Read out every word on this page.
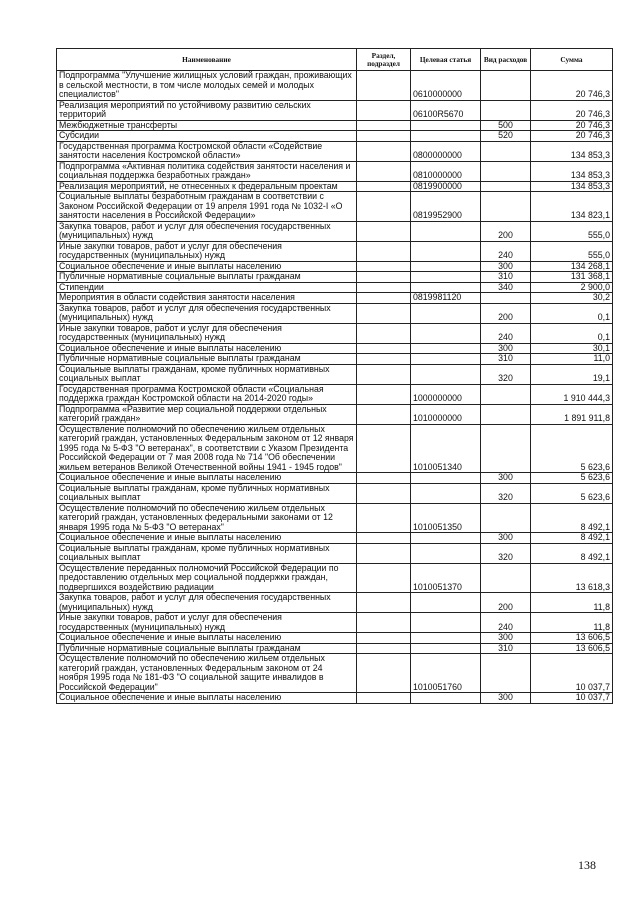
Наименование	Раздел, подраздел	Целевая статья	Вид расходов	Сумма
Подпрограмма "Улучшение жилищных условий граждан, проживающих в сельской местности, в том числе молодых семей и молодых специалистов"		0610000000		20 746,3
Реализация мероприятий по устойчивому развитию сельских территорий		06100R5670		20 746,3
Межбюджетные трансферты			500	20 746,3
Субсидии			520	20 746,3
Государственная программа Костромской области «Содействие занятости населения Костромской области»		0800000000		134 853,3
Подпрограмма «Активная политика содействия занятости населения и социальная поддержка безработных граждан»		0810000000		134 853,3
Реализация мероприятий, не отнесенных к федеральным проектам		0819900000		134 853,3
Социальные выплаты безработным гражданам в соответствии с Законом Российской Федерации от 19 апреля 1991 года № 1032-I «О занятости населения в Российской Федерации»		0819952900		134 823,1
Закупка товаров, работ и услуг для обеспечения государственных (муниципальных) нужд			200	555,0
Иные закупки товаров, работ и услуг для обеспечения государственных (муниципальных) нужд			240	555,0
Социальное обеспечение и иные выплаты населению			300	134 268,1
Публичные нормативные социальные выплаты гражданам			310	131 368,1
Стипендии			340	2 900,0
Мероприятия в области содействия занятости населения		0819981120		30,2
Закупка товаров, работ и услуг для обеспечения государственных (муниципальных) нужд			200	0,1
Иные закупки товаров, работ и услуг для обеспечения государственных (муниципальных) нужд			240	0,1
Социальное обеспечение и иные выплаты населению			300	30,1
Публичные нормативные социальные выплаты гражданам			310	11,0
Социальные выплаты гражданам, кроме публичных нормативных социальных выплат			320	19,1
Государственная программа Костромской области «Социальная поддержка граждан Костромской области на 2014-2020 годы»		1000000000		1 910 444,3
Подпрограмма «Развитие мер социальной поддержки отдельных категорий граждан»		1010000000		1 891 911,8
Осуществление полномочий по обеспечению жильем отдельных категорий граждан, установленных Федеральным законом от 12 января 1995 года № 5-ФЗ "О ветеранах", в соответствии с Указом Президента Российской Федерации от 7 мая 2008 года № 714 "Об обеспечении жильем ветеранов Великой Отечественной войны 1941 - 1945 годов"		1010051340		5 623,6
Социальное обеспечение и иные выплаты населению			300	5 623,6
Социальные выплаты гражданам, кроме публичных нормативных социальных выплат			320	5 623,6
Осуществление полномочий по обеспечению жильем отдельных категорий граждан, установленных федеральными законами от 12 января 1995 года № 5-ФЗ "О ветеранах"		1010051350		8 492,1
Социальное обеспечение и иные выплаты населению			300	8 492,1
Социальные выплаты гражданам, кроме публичных нормативных социальных выплат			320	8 492,1
Осуществление переданных полномочий Российской Федерации по предоставлению отдельных мер социальной поддержки граждан, подвергшихся воздействию радиации		1010051370		13 618,3
Закупка товаров, работ и услуг для обеспечения государственных (муниципальных) нужд			200	11,8
Иные закупки товаров, работ и услуг для обеспечения государственных (муниципальных) нужд			240	11,8
Социальное обеспечение и иные выплаты населению			300	13 606,5
Публичные нормативные социальные выплаты гражданам			310	13 606,5
Осуществление полномочий по обеспечению жильем отдельных категорий граждан, установленных Федеральным законом от 24 ноября 1995 года № 181-ФЗ "О социальной защите инвалидов в Российской Федерации"		1010051760		10 037,7
Социальное обеспечение и иные выплаты населению			300	10 037,7
138
